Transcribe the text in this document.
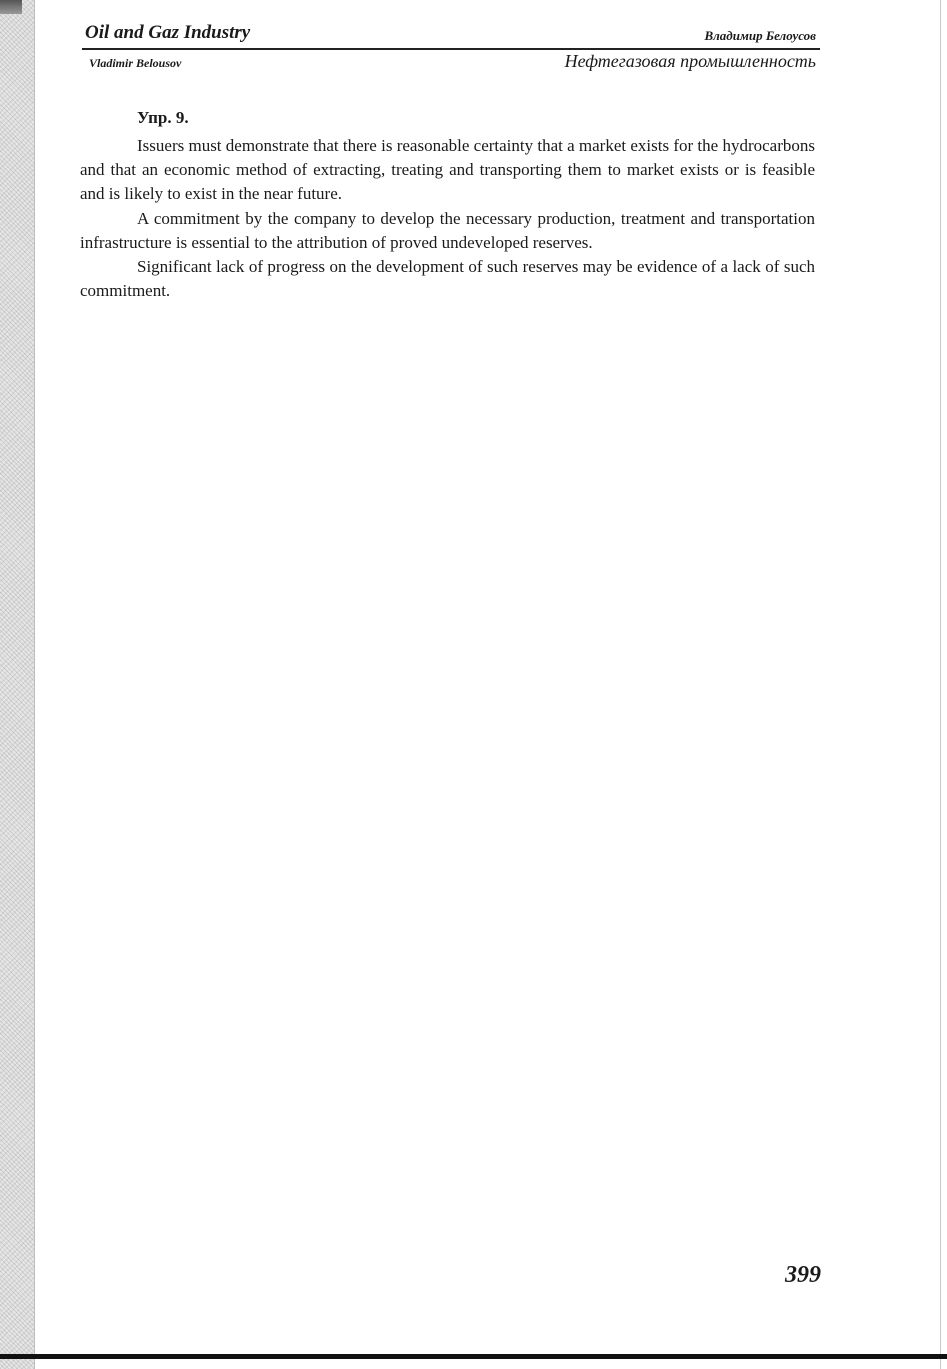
Oil and Gaz Industry	Владимир Белоусов
Vladimir Belousov	Нефтегазовая промышленность
Упр. 9.

Issuers must demonstrate that there is reasonable certainty that a market exists for the hydrocarbons and that an economic method of extracting, treating and transporting them to market exists or is feasible and is likely to exist in the near future.

A commitment by the company to develop the necessary production, treatment and transportation infrastructure is essential to the attribution of proved undeveloped reserves.

Significant lack of progress on the development of such reserves may be evidence of a lack of such commitment.

399
